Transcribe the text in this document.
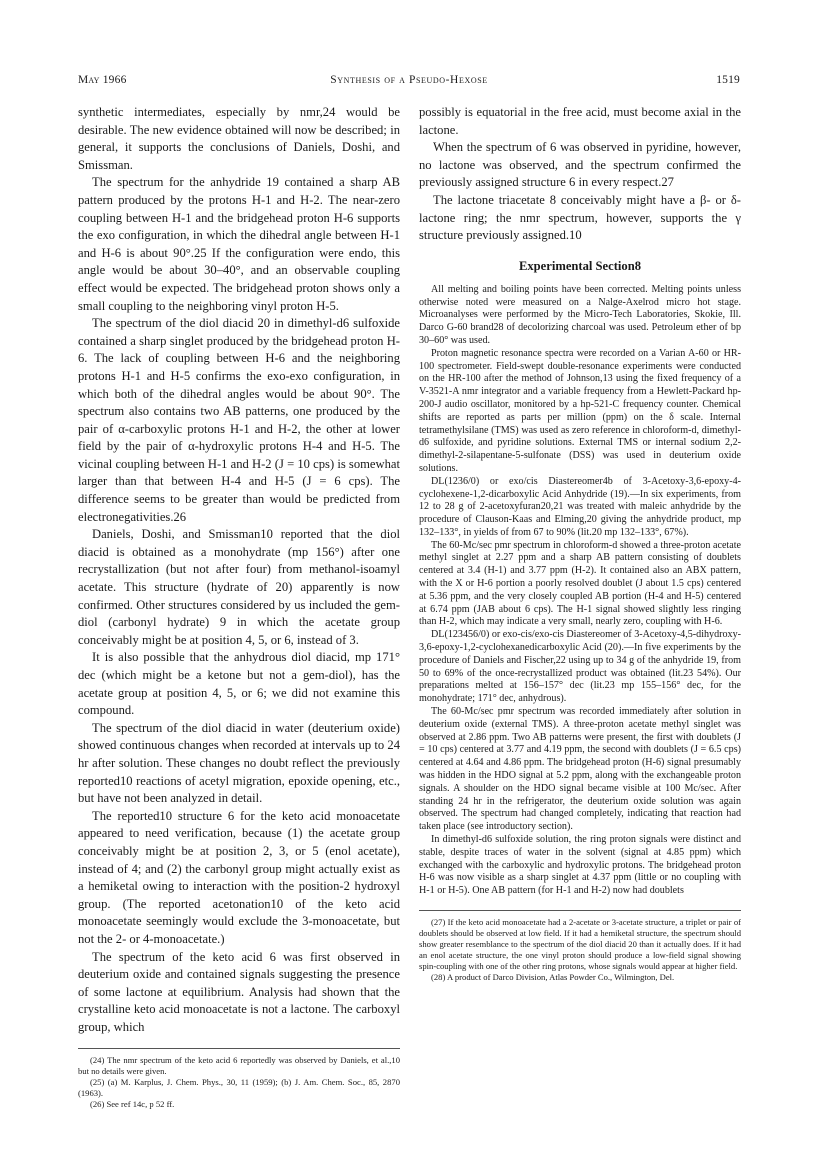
May 1966	Synthesis of a Pseudo-Hexose	1519

synthetic intermediates, especially by nmr,24 would be desirable. The new evidence obtained will now be described; in general, it supports the conclusions of Daniels, Doshi, and Smissman.

The spectrum for the anhydride 19 contained a sharp AB pattern produced by the protons H-1 and H-2. The near-zero coupling between H-1 and the bridgehead proton H-6 supports the exo configuration, in which the dihedral angle between H-1 and H-6 is about 90°.25 If the configuration were endo, this angle would be about 30–40°, and an observable coupling effect would be expected. The bridgehead proton shows only a small coupling to the neighboring vinyl proton H-5.

The spectrum of the diol diacid 20 in dimethyl-d6 sulfoxide contained a sharp singlet produced by the bridgehead proton H-6. The lack of coupling between H-6 and the neighboring protons H-1 and H-5 confirms the exo-exo configuration, in which both of the dihedral angles would be about 90°. The spectrum also contains two AB patterns, one produced by the pair of α-carboxylic protons H-1 and H-2, the other at lower field by the pair of α-hydroxylic protons H-4 and H-5. The vicinal coupling between H-1 and H-2 (J = 10 cps) is somewhat larger than that between H-4 and H-5 (J = 6 cps). The difference seems to be greater than would be predicted from electronegativities.26

Daniels, Doshi, and Smissman10 reported that the diol diacid is obtained as a monohydrate (mp 156°) after one recrystallization (but not after four) from methanol-isoamyl acetate. This structure (hydrate of 20) apparently is now confirmed. Other structures considered by us included the gem-diol (carbonyl hydrate) 9 in which the acetate group conceivably might be at position 4, 5, or 6, instead of 3.

It is also possible that the anhydrous diol diacid, mp 171° dec (which might be a ketone but not a gem-diol), has the acetate group at position 4, 5, or 6; we did not examine this compound.

The spectrum of the diol diacid in water (deuterium oxide) showed continuous changes when recorded at intervals up to 24 hr after solution. These changes no doubt reflect the previously reported10 reactions of acetyl migration, epoxide opening, etc., but have not been analyzed in detail.

The reported10 structure 6 for the keto acid monoacetate appeared to need verification, because (1) the acetate group conceivably might be at position 2, 3, or 5 (enol acetate), instead of 4; and (2) the carbonyl group might actually exist as a hemiketal owing to interaction with the position-2 hydroxyl group. (The reported acetonation10 of the keto acid monoacetate seemingly would exclude the 3-monoacetate, but not the 2- or 4-monoacetate.)

The spectrum of the keto acid 6 was first observed in deuterium oxide and contained signals suggesting the presence of some lactone at equilibrium. Analysis had shown that the crystalline keto acid monoacetate is not a lactone. The carboxyl group, which

(24) The nmr spectrum of the keto acid 6 reportedly was observed by Daniels, et al.,10 but no details were given.

(25) (a) M. Karplus, J. Chem. Phys., 30, 11 (1959); (b) J. Am. Chem. Soc., 85, 2870 (1963).

(26) See ref 14c, p 52 ff.

possibly is equatorial in the free acid, must become axial in the lactone.

When the spectrum of 6 was observed in pyridine, however, no lactone was observed, and the spectrum confirmed the previously assigned structure 6 in every respect.27

The lactone triacetate 8 conceivably might have a β- or δ-lactone ring; the nmr spectrum, however, supports the γ structure previously assigned.10

Experimental Section8

All melting and boiling points have been corrected. Melting points unless otherwise noted were measured on a Nalge-Axelrod micro hot stage. Microanalyses were performed by the Micro-Tech Laboratories, Skokie, Ill. Darco G-60 brand28 of decolorizing charcoal was used. Petroleum ether of bp 30–60° was used.

Proton magnetic resonance spectra were recorded on a Varian A-60 or HR-100 spectrometer. Field-swept double-resonance experiments were conducted on the HR-100 after the method of Johnson,13 using the fixed frequency of a V-3521-A nmr integrator and a variable frequency from a Hewlett-Packard hp-200-J audio oscillator, monitored by a hp-521-C frequency counter. Chemical shifts are reported as parts per million (ppm) on the δ scale. Internal tetramethylsilane (TMS) was used as zero reference in chloroform-d, dimethyl-d6 sulfoxide, and pyridine solutions. External TMS or internal sodium 2,2-dimethyl-2-silapentane-5-sulfonate (DSS) was used in deuterium oxide solutions.

DL(1236/0) or exo/cis Diastereomer4b of 3-Acetoxy-3,6-epoxy-4-cyclohexene-1,2-dicarboxylic Acid Anhydride (19).—In six experiments, from 12 to 28 g of 2-acetoxyfuran20,21 was treated with maleic anhydride by the procedure of Clauson-Kaas and Elming,20 giving the anhydride product, mp 132–133°, in yields of from 67 to 90% (lit.20 mp 132–133°, 67%).

The 60-Mc/sec pmr spectrum in chloroform-d showed a three-proton acetate methyl singlet at 2.27 ppm and a sharp AB pattern consisting of doublets centered at 3.4 (H-1) and 3.77 ppm (H-2). It contained also an ABX pattern, with the X or H-6 portion a poorly resolved doublet (J about 1.5 cps) centered at 5.36 ppm, and the very closely coupled AB portion (H-4 and H-5) centered at 6.74 ppm (JAB about 6 cps). The H-1 signal showed slightly less ringing than H-2, which may indicate a very small, nearly zero, coupling with H-6.

DL(123456/0) or exo-cis/exo-cis Diastereomer of 3-Acetoxy-4,5-dihydroxy-3,6-epoxy-1,2-cyclohexanedicarboxylic Acid (20).—In five experiments by the procedure of Daniels and Fischer,22 using up to 34 g of the anhydride 19, from 50 to 69% of the once-recrystallized product was obtained (lit.23 54%). Our preparations melted at 156–157° dec (lit.23 mp 155–156° dec, for the monohydrate; 171° dec, anhydrous).

The 60-Mc/sec pmr spectrum was recorded immediately after solution in deuterium oxide (external TMS). A three-proton acetate methyl singlet was observed at 2.86 ppm. Two AB patterns were present, the first with doublets (J = 10 cps) centered at 3.77 and 4.19 ppm, the second with doublets (J = 6.5 cps) centered at 4.64 and 4.86 ppm. The bridgehead proton (H-6) signal presumably was hidden in the HDO signal at 5.2 ppm, along with the exchangeable proton signals. A shoulder on the HDO signal became visible at 100 Mc/sec. After standing 24 hr in the refrigerator, the deuterium oxide solution was again observed. The spectrum had changed completely, indicating that reaction had taken place (see introductory section).

In dimethyl-d6 sulfoxide solution, the ring proton signals were distinct and stable, despite traces of water in the solvent (signal at 4.85 ppm) which exchanged with the carboxylic and hydroxylic protons. The bridgehead proton H-6 was now visible as a sharp singlet at 4.37 ppm (little or no coupling with H-1 or H-5). One AB pattern (for H-1 and H-2) now had doublets

(27) If the keto acid monoacetate had a 2-acetate or 3-acetate structure, a triplet or pair of doublets should be observed at low field. If it had a hemiketal structure, the spectrum should show greater resemblance to the spectrum of the diol diacid 20 than it actually does. If it had an enol acetate structure, the one vinyl proton should produce a low-field signal showing spin-coupling with one of the other ring protons, whose signals would appear at higher field.

(28) A product of Darco Division, Atlas Powder Co., Wilmington, Del.
